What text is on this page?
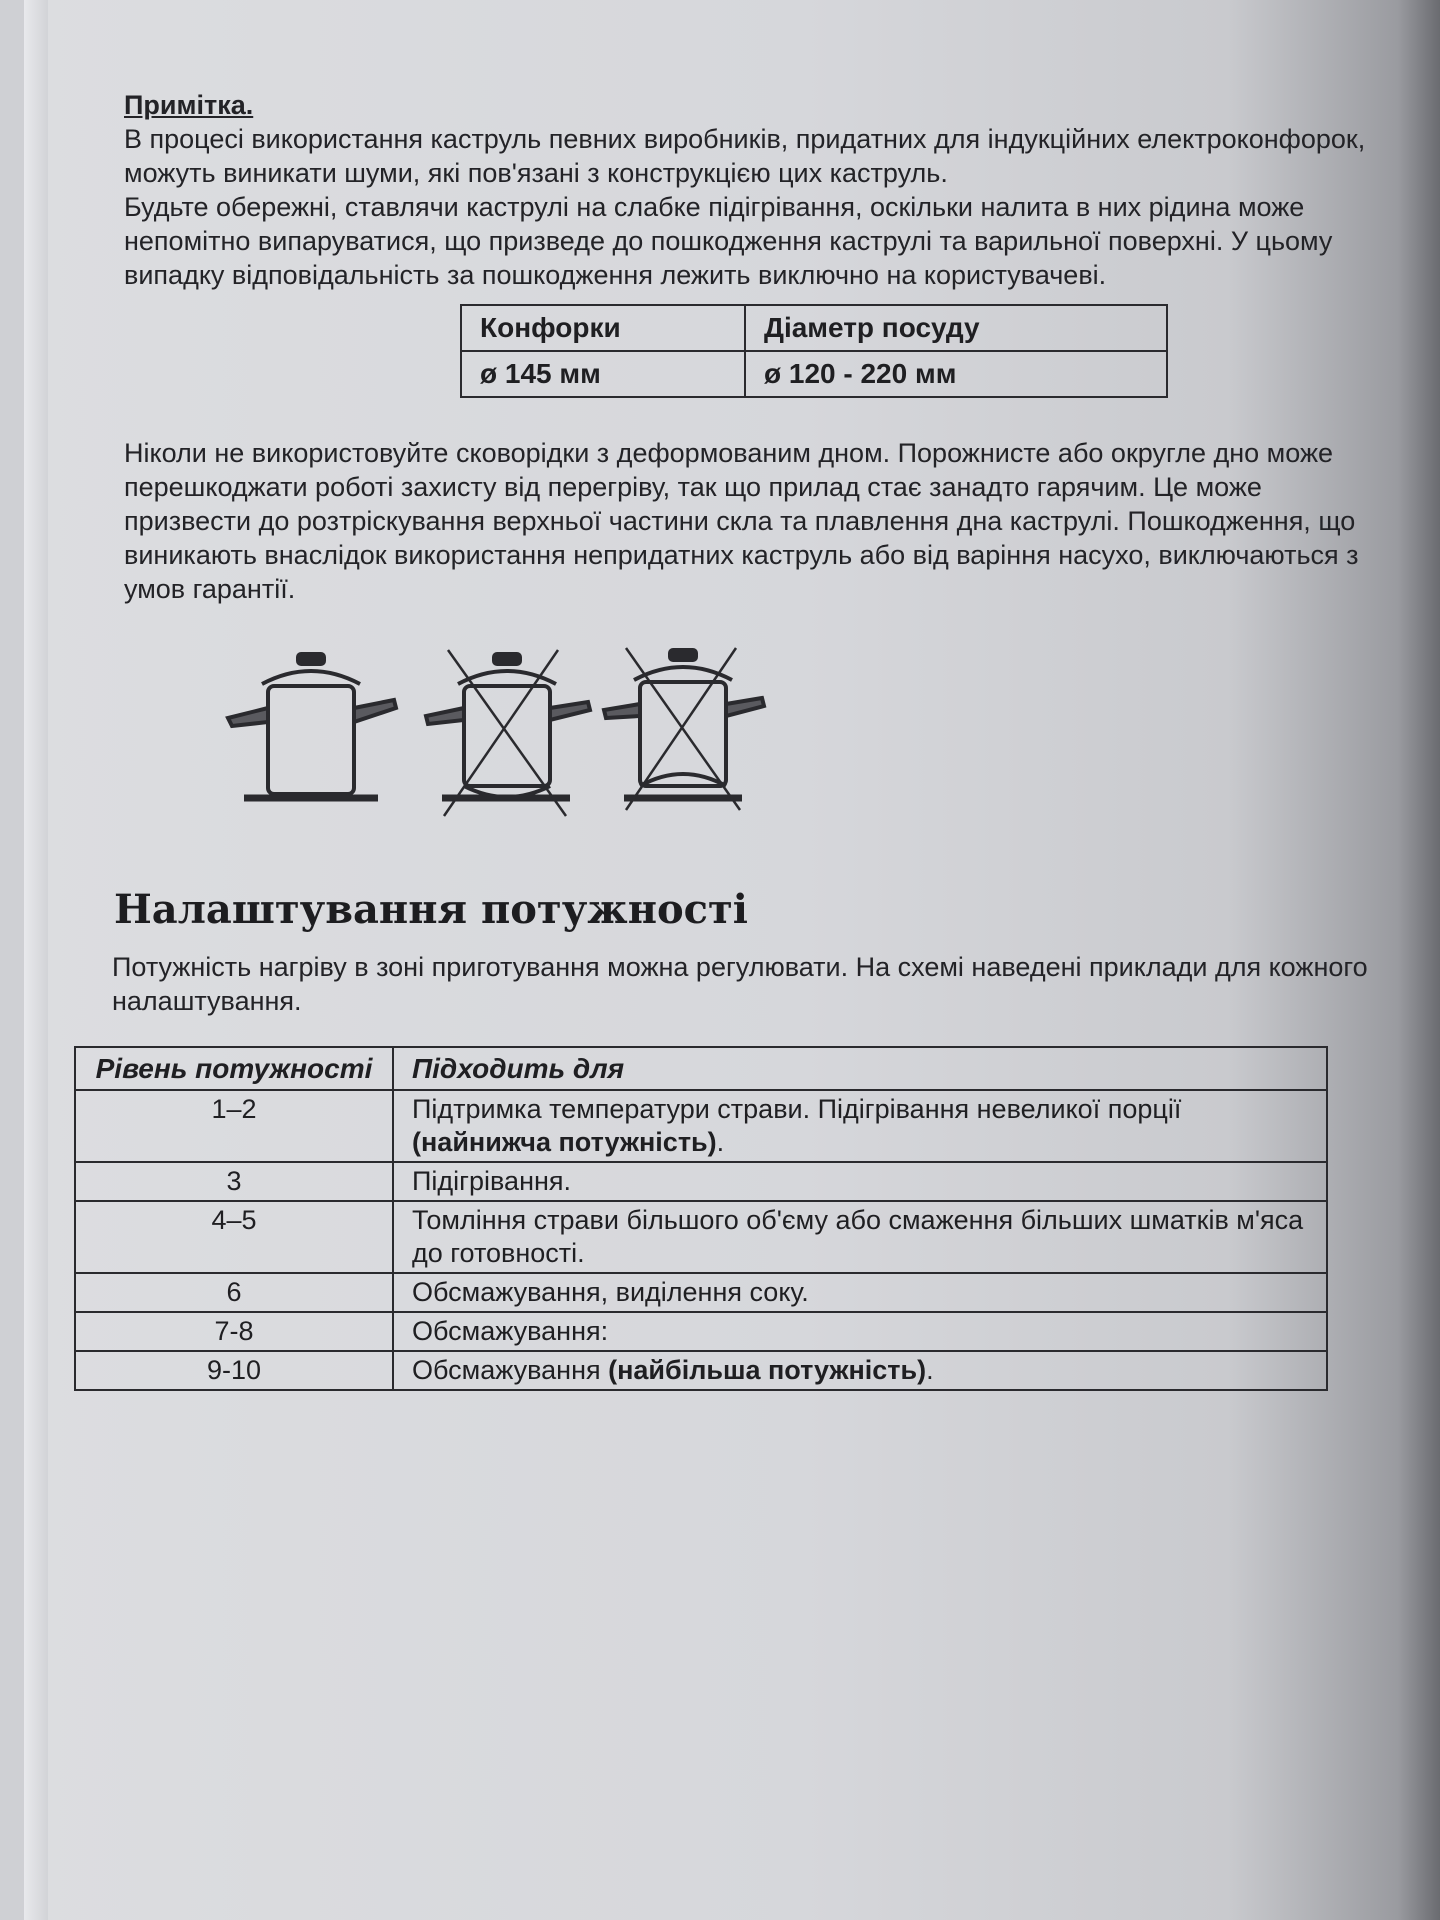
Примітка.
В процесі використання каструль певних виробників, придатних для індукційних електроконфорок,
можуть виникати шуми, які пов'язані з конструкцією цих каструль.
Будьте обережні, ставлячи каструлі на слабке підігрівання, оскільки налита в них рідина може
непомітно випаруватися, що призведе до пошкодження каструлі та варильної поверхні. У цьому
випадку відповідальність за пошкодження лежить виключно на користувачеві.
Конфорки	Діаметр посуду
ø 145 мм	ø 120 - 220 мм
Ніколи не використовуйте сковорідки з деформованим дном. Порожнисте або округле дно може
перешкоджати роботі захисту від перегріву, так що прилад стає занадто гарячим. Це може
призвести до розтріскування верхньої частини скла та плавлення дна каструлі. Пошкодження, що
виникають внаслідок використання непридатних каструль або від варіння насухо, виключаються з
умов гарантії.
Налаштування потужності
Потужність нагріву в зоні приготування можна регулювати. На схемі наведені приклади для кожного
налаштування.
Рівень потужності	Підходить для
1–2	Підтримка температури страви. Підігрівання невеликої порції (найнижча потужність).
3	Підігрівання.
4–5	Томління страви більшого об'єму або смаження більших шматків м'яса до готовності.
6	Обсмажування, виділення соку.
7-8	Обсмажування:
9-10	Обсмажування (найбільша потужність).
